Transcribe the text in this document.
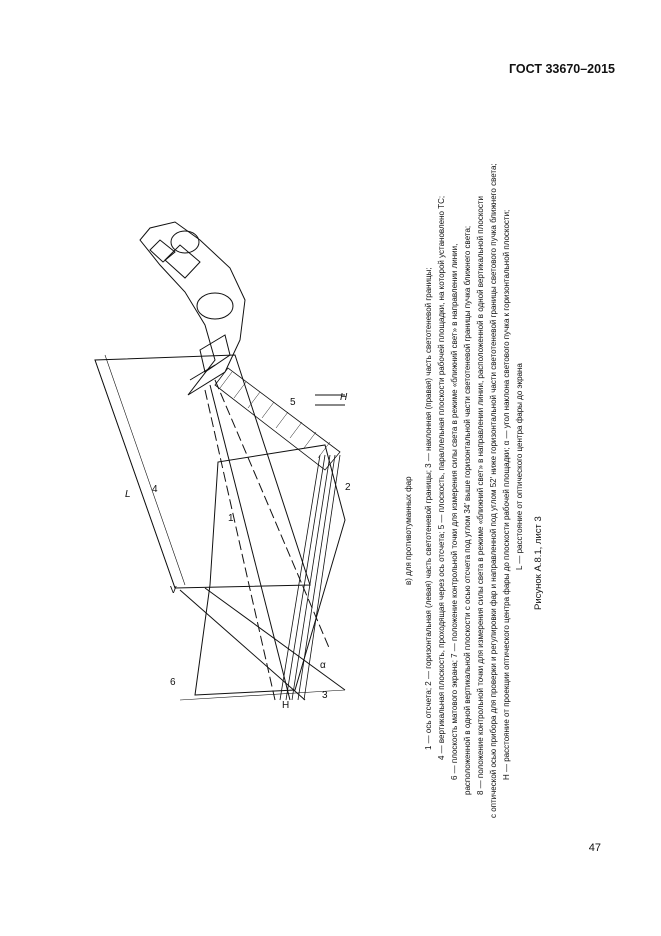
ГОСТ 33670–2015
1
2
3
4
5
6
V
H
H
L
α
в) для противотуманных фар 1 — ось отсчета; 2 — горизонтальная (левая) часть светотеневой границы; 3 — наклонная (правая) часть светотеневой границы; 4 — вертикальная плоскость, проходящая через ось отсчета; 5 — плоскость, параллельная плоскости рабочей площадки, на которой установлено ТС; 6 — плоскость матового экрана; 7 — положение контрольной точки для измерения силы света в режиме «ближний свет» в направлении линии, расположенной в одной вертикальной плоскости с осью отсчета под углом 34′ выше горизонтальной части светотеневой границы пучка ближнего света; 8 — положение контрольной точки для измерения силы света в режиме «ближний свет» в направлении линии, расположенной в одной вертикальной плоскости с оптической осью прибора для проверки и регулировки фар и направленной под углом 52′ ниже горизонтальной части светотеневой границы светового пучка ближнего света; H — расстояние от проекции оптического центра фары до плоскости рабочей площадки; α — угол наклона светового пучка к горизонтальной плоскости; L — расстояние от оптического центра фары до экрана Рисунок А.8.1, лист 3
47
